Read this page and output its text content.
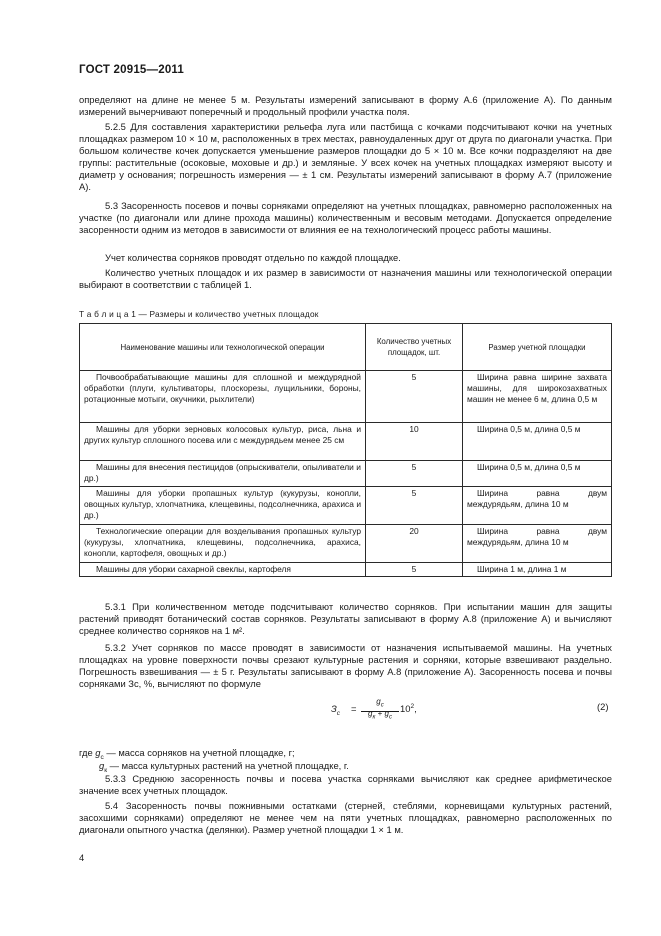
ГОСТ 20915—2011

определяют на длине не менее 5 м. Результаты измерений записывают в форму А.6 (приложение А). По данным измерений вычерчивают поперечный и продольный профили участка поля.

5.2.5 Для составления характеристики рельефа луга или пастбища с кочками подсчитывают кочки на учетных площадках размером 10 × 10 м, расположенных в трех местах, равноудаленных друг от друга по диагонали участка. При большом количестве кочек допускается уменьшение размеров площадки до 5 × 10 м. Все кочки подразделяют на две группы: растительные (осоковые, моховые и др.) и земляные. У всех кочек на учетных площадках измеряют высоту и диаметр у основания; погрешность измерения — ± 1 см. Результаты измерений записывают в форму А.7 (приложение А).

5.3 Засоренность посевов и почвы сорняками определяют на учетных площадках, равномерно расположенных на участке (по диагонали или длине прохода машины) количественным и весовым методами. Допускается определение засоренности одним из методов в зависимости от влияния ее на технологический процесс работы машины.

Учет количества сорняков проводят отдельно по каждой площадке.

Количество учетных площадок и их размер в зависимости от назначения машины или технологической операции выбирают в соответствии с таблицей 1.

Т а б л и ц а 1 — Размеры и количество учетных площадок
Наименование машины или технологической операции	Количество учетных площадок, шт.	Размер учетной площадки
Почвообрабатывающие машины для сплошной и междурядной обработки (плуги, культиваторы, плоскорезы, лущильники, бороны, ротационные мотыги, окучники, рыхлители)	5	Ширина равна ширине захвата машины, для широкозахватных машин не менее 6 м, длина 0,5 м
Машины для уборки зерновых колосовых культур, риса, льна и других культур сплошного посева или с междурядьем менее 25 см	10	Ширина 0,5 м, длина 0,5 м
Машины для внесения пестицидов (опрыскиватели, опыливатели и др.)	5	Ширина 0,5 м, длина 0,5 м
Машины для уборки пропашных культур (кукурузы, конопли, овощных культур, хлопчатника, клещевины, подсолнечника, арахиса и др.)	5	Ширина равна двум междурядьям, длина 10 м
Технологические операции для возделывания пропашных культур (кукурузы, хлопчатника, клещевины, подсолнечника, арахиса, конопли, картофеля, овощных и др.)	20	Ширина равна двум междурядьям, длина 10 м
Машины для уборки сахарной свеклы, картофеля	5	Ширина 1 м, длина 1 м

5.3.1 При количественном методе подсчитывают количество сорняков. При испытании машин для защиты растений приводят ботанический состав сорняков. Результаты записывают в форму А.8 (приложение А) и вычисляют среднее количество сорняков на 1 м².

5.3.2 Учет сорняков по массе проводят в зависимости от назначения испытываемой машины. На учетных площадках на уровне поверхности почвы срезают культурные растения и сорняки, которые взвешивают раздельно. Погрешность взвешивания — ± 5 г. Результаты записывают в форму А.8 (приложение А). Засоренность посева и почвы сорняками Зс, %, вычисляют по формуле

$З_с$ =
$g_с$
$g_к + g_с$
$10^2$,	(2)

где $g_с$ — масса сорняков на учетной площадке, г;

$g_к$ — масса культурных растений на учетной площадке, г.

5.3.3 Среднюю засоренность почвы и посева участка сорняками вычисляют как среднее арифметическое значение всех учетных площадок.

5.4 Засоренность почвы пожнивными остатками (стерней, стеблями, корневищами культурных растений, засохшими сорняками) определяют не менее чем на пяти учетных площадках, равномерно расположенных по диагонали опытного участка (делянки). Размер учетной площадки 1 × 1 м.

4
